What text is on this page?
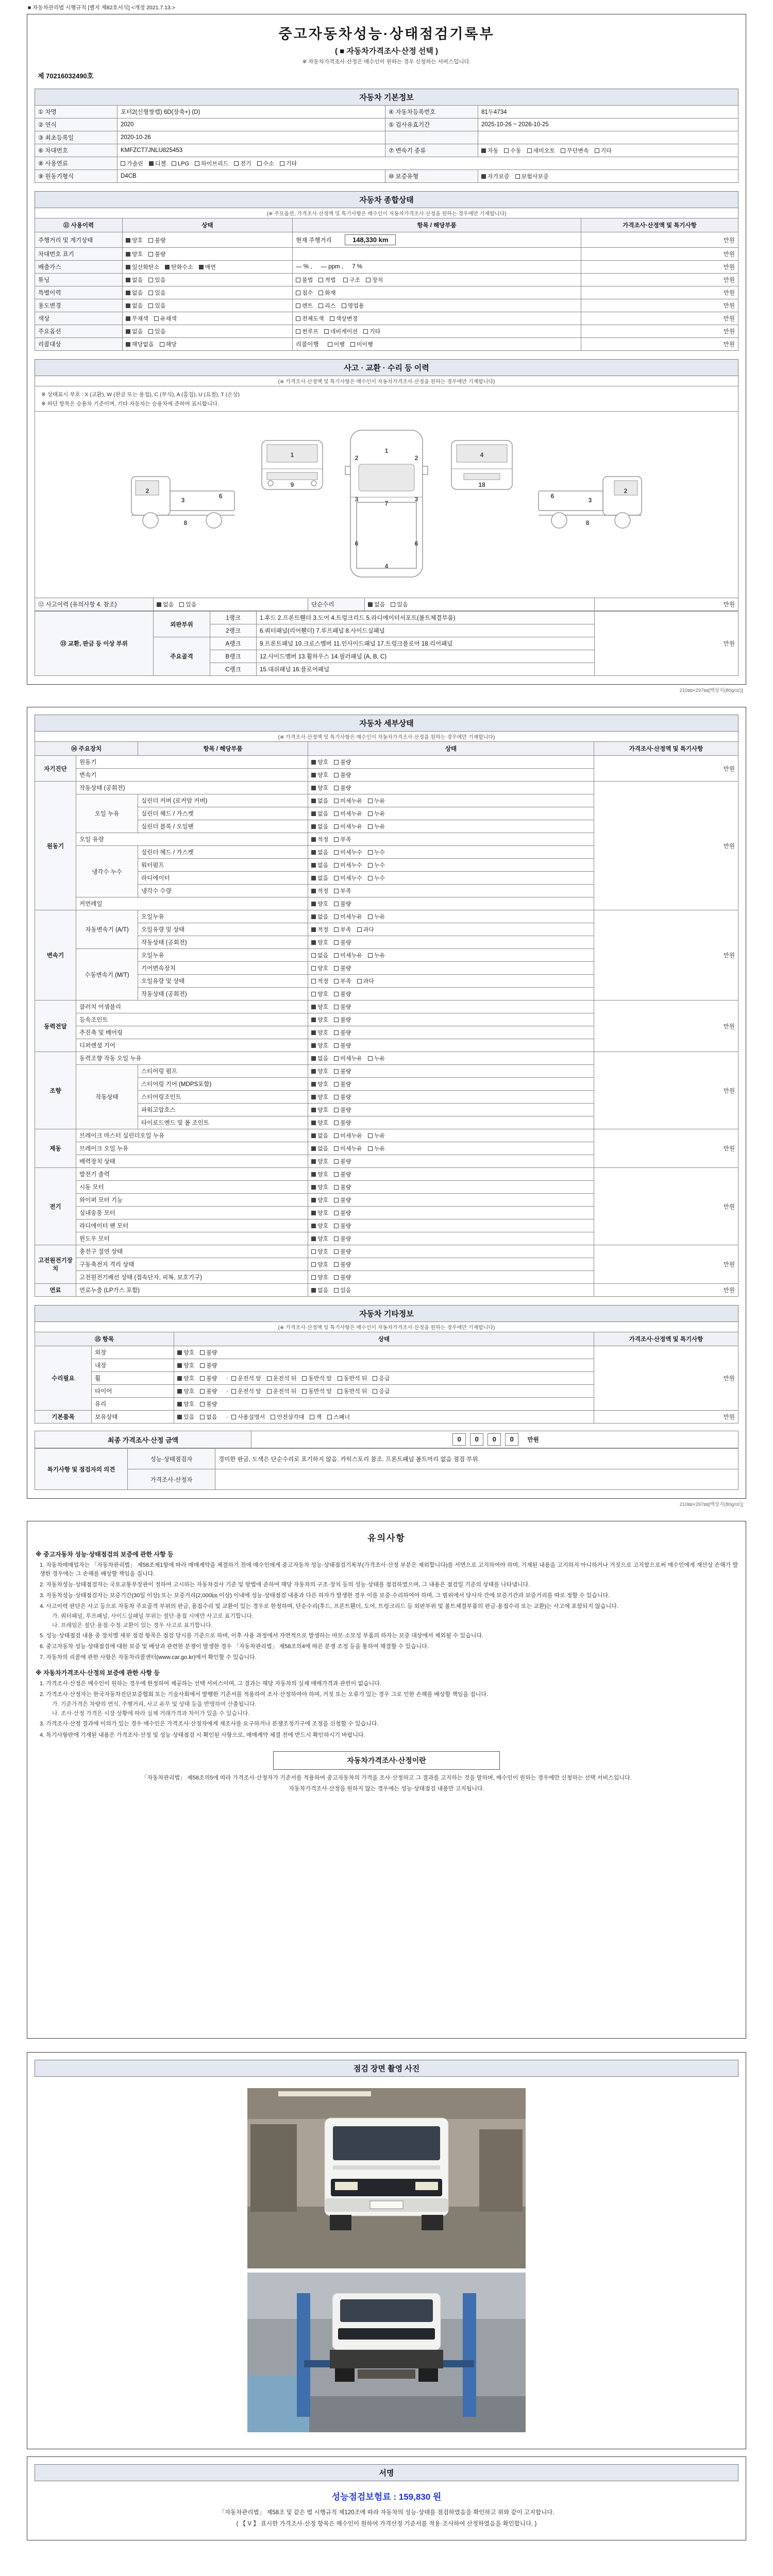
■ 자동차관리법 시행규칙 [별지 제82호서식] <개정 2021.7.13.>
중고자동차성능·상태점검기록부
( ■ 자동차가격조사·산정 선택 )
※ 자동차가격조사·산정은 매수인이 원하는 경우 신청하는 서비스입니다.
제 70216032490호
자동차 기본정보
① 차명	포터2(신형쌍캡) 6D(장축+) (D)	④ 자동차등록번호	81두4734
② 연식	2020	⑤ 검사유효기간	2025-10-26 ~ 2026-10-25
③ 최초등록일	2020-10-26		
⑥ 차대번호	KMFZCT7JNLU825453	⑦ 변속기 종류	자동 수동 세미오토 무단변속 기타
⑧ 사용연료	가솔린 디젤 LPG 하이브리드 전기 수소 기타		
⑨ 원동기형식	D4CB	⑩ 보증유형	자가보증 보험사보증
자동차 종합상태
(※ 주요옵션, 가격조사·산정액 및 특기사항은 매수인이 자동차가격조사·산정을 원하는 경우에만 기재합니다)
⑪ 사용이력	상태	항목 / 해당부품	가격조사·산정액 및 특기사항
주행거리 및 계기상태	양호 불량	현재 주행거리 148,330 km	만원
차대번호 표기	양호 불량		만원
배출가스	일산화탄소 탄화수소 매연	— % , — ppm , 7 %	만원
튜닝	없음 있음	불법 적법 구조 장치	만원
특별이력	없음 있음	침수 화재	만원
용도변경	없음 있음	렌트 리스 영업용	만원
색상	무채색 유채색	전체도색 색상변경	만원
주요옵션	없음 있음	썬루프 네비게이션 기타	만원
리콜대상	해당없음 해당	리콜이행 이행 미이행	만원
사고 · 교환 · 수리 등 이력
(※ 가격조사·산정액 및 특기사항은 매수인이 자동차가격조사·산정을 원하는 경우에만 기재합니다)
※ 상태표시 부호 : X (교환), W (판금 또는 용접), C (부식), A (흠집), U (요철), T (손상)
※ 하단 항목은 승용차 기준이며, 기타 자동차는 승용차에 준하여 표시합니다.
2
3
6
8
1
9
1
2	2
3	3
7
6	6
4
4
18
2
3
6
8
⑫ 사고이력 (유의사항 4. 참조)	없음 있음	단순수리	없음 있음	만원
⑬ 교환, 판금 등 이상 부위	외판부위	1랭크	1.후드 2.프론트휀더 3.도어 4.트렁크리드 5.라디에이터서포트(볼트체결부품)	만원
		2랭크	6.쿼터패널(리어휀더) 7.루프패널 8.사이드실패널	
	주요골격	A랭크	9.프론트패널 10.크로스멤버 11.인사이드패널 17.트렁크플로어 18.리어패널	
		B랭크	12.사이드멤버 13.휠하우스 14.필러패널 (A, B, C)	
		C랭크	15.대쉬패널 16.플로어패널	
210㎜×297㎜[백상지(80g/㎡)]
자동차 세부상태
(※ 가격조사·산정액 및 특기사항은 매수인이 자동차가격조사·산정을 원하는 경우에만 기재합니다)
⑭ 주요장치		항목 / 해당부품	상태	가격조사·산정액 및 특기사항
자기진단	원동기		양호 불량	만원
	변속기		양호 불량	
원동기	작동상태 (공회전)		양호 불량	만원
	오일 누유	실린더 커버 (로커암 커버)	없음 미세누유 누유	
		실린더 헤드 / 가스켓	없음 미세누유 누유	
		실린더 블록 / 오일팬	없음 미세누유 누유	
	오일 유량		적정 부족	
	냉각수 누수	실린더 헤드 / 가스켓	없음 미세누수 누수	
		워터펌프	없음 미세누수 누수	
		라디에이터	없음 미세누수 누수	
		냉각수 수량	적정 부족	
	커먼레일		양호 불량	
변속기	자동변속기 (A/T)	오일누유	없음 미세누유 누유	만원
		오일유량 및 상태	적정 부족 과다	
		작동상태 (공회전)	양호 불량	
	수동변속기 (M/T)	오일누유	없음 미세누유 누유	
		기어변속장치	양호 불량	
		오일유량 및 상태	적정 부족 과다	
		작동상태 (공회전)	양호 불량	
동력전달	클러치 어셈블리		양호 불량	만원
	등속조인트		양호 불량	
	추진축 및 베어링		양호 불량	
	디퍼렌셜 기어		양호 불량	
조향	동력조향 작동 오일 누유		없음 미세누유 누유	만원
	작동상태	스티어링 펌프	양호 불량	
		스티어링 기어 (MDPS포함)	양호 불량	
		스티어링조인트	양호 불량	
		파워고압호스	양호 불량	
		타이로드엔드 및 볼 조인트	양호 불량	
제동	브레이크 마스터 실린더오일 누유		없음 미세누유 누유	만원
	브레이크 오일 누유		없음 미세누유 누유	
	배력장치 상태		양호 불량	
전기	발전기 출력		양호 불량	만원
	시동 모터		양호 불량	
	와이퍼 모터 기능		양호 불량	
	실내송풍 모터		양호 불량	
	라디에이터 팬 모터		양호 불량	
	윈도우 모터		양호 불량	
고전원전기장치	충전구 절연 상태		양호 불량	만원
	구동축전지 격리 상태		양호 불량	
	고전원전기배선 상태 (접속단자, 피복, 보호기구)		양호 불량	
연료	연료누출 (LP가스 포함)		없음 있음	만원
자동차 기타정보
(※ 가격조사·산정액 및 특기사항은 매수인이 자동차가격조사·산정을 원하는 경우에만 기재합니다)
⑮ 항목		상태	가격조사·산정액 및 특기사항
수리필요	외장	양호 불량	만원
	내장	양호 불량	
	휠	양호 불량  ·  운전석 앞 운전석 뒤 동반석 앞 동반석 뒤 응급	
	타이어	양호 불량  ·  운전석 앞 운전석 뒤 동반석 앞 동반석 뒤 응급	
	유리	양호 불량	
기본품목	보유상태	있음 없음  ·  사용설명서 안전삼각대 잭 스패너	만원
최종 가격조사·산정 금액	0 0 0 0 만원
특기사항 및 점검자의 의견	성능·상태점검자	경미한 판금, 도색은 단순수리로 표기하지 않음. 카히스토리 참조. 프론트패널 볼트머리 없음 점검 부위.
	가격조사·산정자	
210㎜×297㎜[백상지(80g/㎡)]
유의사항
※ 중고자동차 성능·상태점검의 보증에 관한 사항 등
1. 자동차매매업자는 「자동차관리법」 제58조제1항에 따라 매매계약을 체결하기 전에 매수인에게 중고자동차 성능·상태점검기록부(가격조사·산정 부분은 제외합니다)를 서면으로 고지하여야 하며, 기재된 내용을 고지하지 아니하거나 거짓으로 고지함으로써 매수인에게 재산상 손해가 발생한 경우에는 그 손해를 배상할 책임을 집니다.
2. 자동차성능·상태점검자는 국토교통부장관이 정하여 고시하는 자동차검사 기준 및 방법에 준하여 해당 자동차의 구조·장치 등의 성능·상태를 점검하였으며, 그 내용은 점검일 기준의 상태를 나타냅니다.
3. 자동차성능·상태점검자는 보증기간(30일 이상) 또는 보증거리(2,000㎞ 이상) 이내에 성능·상태점검 내용과 다른 하자가 발생한 경우 이를 보증·수리하여야 하며, 그 범위에서 당사자 간에 보증기간과 보증거리를 따로 정할 수 있습니다.
4. 사고이력 판단은 사고 등으로 자동차 주요골격 부위의 판금, 용접수리 및 교환이 있는 경우로 한정하며, 단순수리(후드, 프론트휀더, 도어, 트렁크리드 등 외판부위 및 볼트체결부품의 판금·용접수리 또는 교환)는 사고에 포함되지 않습니다.
가. 쿼터패널, 루프패널, 사이드실패널 부위는 절단·용접 시에만 사고로 표기합니다.
나. 프레임은 절단·용접·수정·교환이 있는 경우 사고로 표기합니다.
5. 성능·상태점검 내용 중 장치별 세부 점검 항목은 점검 당시를 기준으로 하며, 이후 사용 과정에서 자연적으로 발생하는 마모·소모성 부품의 하자는 보증 대상에서 제외될 수 있습니다.
6. 중고자동차 성능·상태점검에 대한 보증 및 배상과 관련한 분쟁이 발생한 경우 「자동차관리법」 제58조의4에 따른 분쟁 조정 등을 통하여 해결할 수 있습니다.
7. 자동차의 리콜에 관한 사항은 자동차리콜센터(www.car.go.kr)에서 확인할 수 있습니다.
※ 자동차가격조사·산정의 보증에 관한 사항 등
1. 가격조사·산정은 매수인이 원하는 경우에 한정하여 제공하는 선택 서비스이며, 그 결과는 해당 자동차의 실제 매매가격과 관련이 없습니다.
2. 가격조사·산정자는 한국자동차진단보증협회 또는 기술사회에서 발행한 기준서를 적용하여 조사·산정하여야 하며, 거짓 또는 오류가 있는 경우 그로 인한 손해를 배상할 책임을 집니다.
가. 기준가격은 차량의 연식, 주행거리, 사고 유무 및 상태 등을 반영하여 산출됩니다.
나. 조사·산정 가격은 시장 상황에 따라 실제 거래가격과 차이가 있을 수 있습니다.
3. 가격조사·산정 결과에 이의가 있는 경우 매수인은 가격조사·산정자에게 재조사를 요구하거나 분쟁조정기구에 조정을 신청할 수 있습니다.
4. 특기사항란에 기재된 내용은 가격조사·산정 및 성능·상태점검 시 확인된 사항으로, 매매계약 체결 전에 반드시 확인하시기 바랍니다.
자동차가격조사·산정이란
「자동차관리법」 제58조의5에 따라 가격조사·산정자가 기준서를 적용하여 중고자동차의 가격을 조사·산정하고 그 결과를 고지하는 것을 말하며, 매수인이 원하는 경우에만 신청하는 선택 서비스입니다.
자동차가격조사·산정을 원하지 않는 경우에는 성능·상태점검 내용만 고지됩니다.
점검 장면 촬영 사진
서명
성능점검보험료 : 159,830 원
「자동차관리법」 제58조 및 같은 법 시행규칙 제120조에 따라 자동차의 성능·상태를 점검하였음을 확인하고 위와 같이 고지합니다.
( 【 V 】 표시한 가격조사·산정 항목은 매수인이 원하여 가격산정 기준서를 적용·조사하여 산정하였음을 확인합니다. )
